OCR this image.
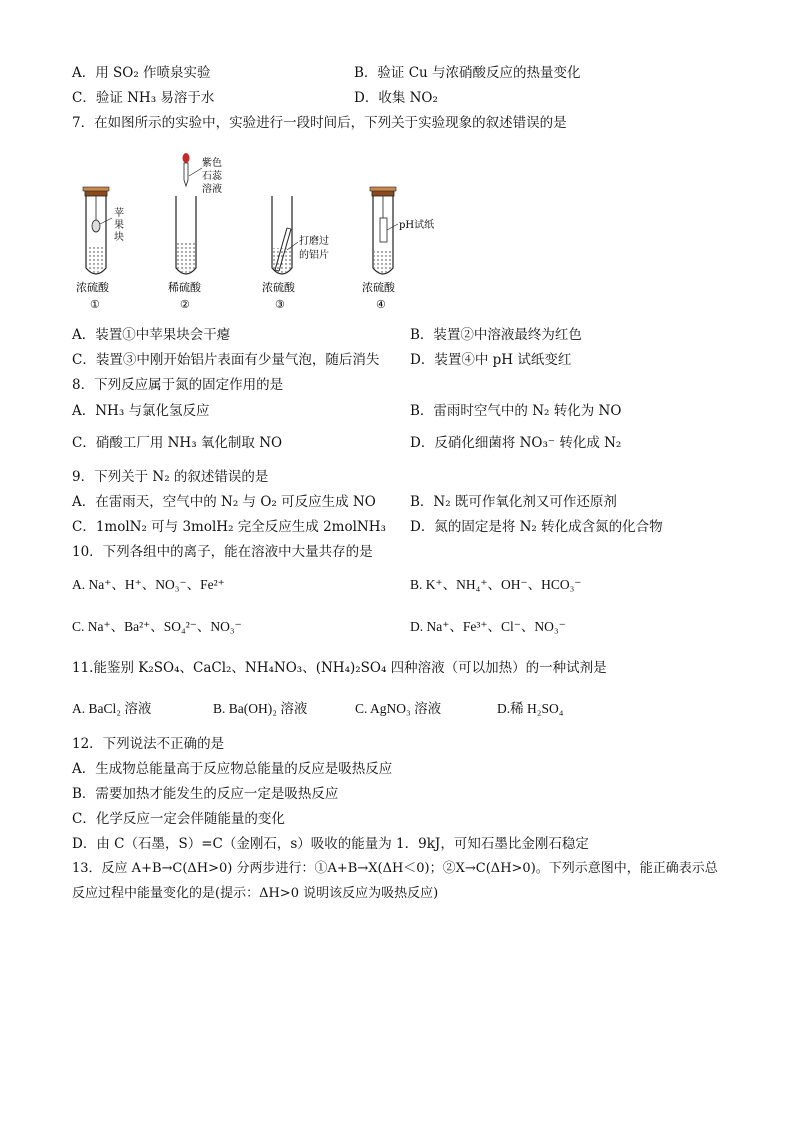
A．用 SO₂ 作喷泉实验	B．验证 Cu 与浓硝酸反应的热量变化
C．验证 NH₃ 易溶于水	D．收集 NO₂
7．在如图所示的实验中，实验进行一段时间后，下列关于实验现象的叙述错误的是
苹
果
块
浓硫酸
①
紫色
石蕊
溶液
稀硫酸
②
打磨过
的铝片
浓硫酸
③
pH试纸
浓硫酸
④
A．装置①中苹果块会干瘪	B．装置②中溶液最终为红色
C．装置③中刚开始铝片表面有少量气泡，随后消失 D．装置④中 pH 试纸变红
8．下列反应属于氮的固定作用的是
A．NH₃ 与氯化氢反应	B．雷雨时空气中的 N₂ 转化为 NO
C．硝酸工厂用 NH₃ 氧化制取 NO	D．反硝化细菌将 NO₃⁻ 转化成 N₂
9．下列关于 N₂ 的叙述错误的是
A．在雷雨天，空气中的 N₂ 与 O₂ 可反应生成 NO	B．N₂ 既可作氧化剂又可作还原剂
C．1molN₂ 可与 3molH₂ 完全反应生成 2molNH₃ D．氮的固定是将 N₂ 转化成含氮的化合物
10．下列各组中的离子，能在溶液中大量共存的是
A. Na⁺、H⁺、NO₃⁻、Fe²⁺	B. K⁺、NH₄⁺、OH⁻、HCO₃⁻
C. Na⁺、Ba²⁺、SO₄²⁻、NO₃⁻	D. Na⁺、Fe³⁺、Cl⁻、NO₃⁻
11.能鉴别 K₂SO₄、CaCl₂、NH₄NO₃、(NH₄)₂SO₄ 四种溶液（可以加热）的一种试剂是
A. BaCl₂ 溶液	B. Ba(OH)₂ 溶液	C. AgNO₃ 溶液	D.稀 H₂SO₄
12．下列说法不正确的是
A．生成物总能量高于反应物总能量的反应是吸热反应
B．需要加热才能发生的反应一定是吸热反应
C．化学反应一定会伴随能量的变化
D．由 C（石墨，S）=C（金刚石，s）吸收的能量为 1．9kJ，可知石墨比金刚石稳定
13．反应 A+B→C(ΔH>0) 分两步进行：①A+B→X(ΔH＜0)；②X→C(ΔH>0)。下列示意图中，能正确表示总
反应过程中能量变化的是(提示：ΔH>0 说明该反应为吸热反应)
